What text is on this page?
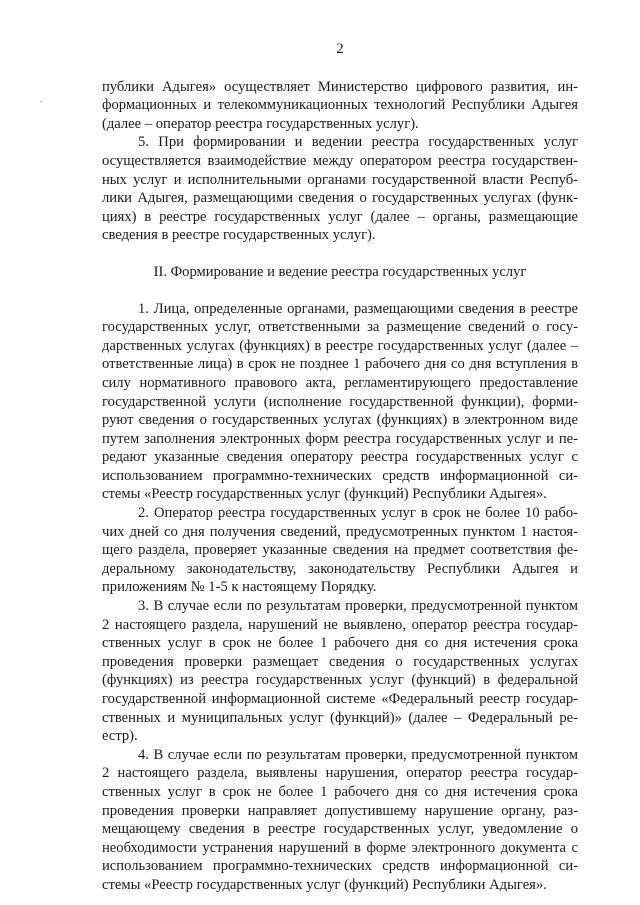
2
публики Адыгея» осуществляет Министерство цифрового развития, ин-
формационных и телекоммуникационных технологий Республики Адыгея
(далее – оператор реестра государственных услуг).
5. При формировании и ведении реестра государственных услуг
осуществляется взаимодействие между оператором реестра государствен-
ных услуг и исполнительными органами государственной власти Респуб-
лики Адыгея, размещающими сведения о государственных услугах (функ-
циях) в реестре государственных услуг (далее – органы, размещающие
сведения в реестре государственных услуг).
II. Формирование и ведение реестра государственных услуг
1. Лица, определенные органами, размещающими сведения в реестре
государственных услуг, ответственными за размещение сведений о госу-
дарственных услугах (функциях) в реестре государственных услуг (далее –
ответственные лица) в срок не позднее 1 рабочего дня со дня вступления в
силу нормативного правового акта, регламентирующего предоставление
государственной услуги (исполнение государственной функции), форми-
руют сведения о государственных услугах (функциях) в электронном виде
путем заполнения электронных форм реестра государственных услуг и пе-
редают указанные сведения оператору реестра государственных услуг с
использованием программно-технических средств информационной си-
стемы «Реестр государственных услуг (функций) Республики Адыгея».
2. Оператор реестра государственных услуг в срок не более 10 рабо-
чих дней со дня получения сведений, предусмотренных пунктом 1 настоя-
щего раздела, проверяет указанные сведения на предмет соответствия фе-
деральному законодательству, законодательству Республики Адыгея и
приложениям № 1-5 к настоящему Порядку.
3. В случае если по результатам проверки, предусмотренной пунктом
2 настоящего раздела, нарушений не выявлено, оператор реестра государ-
ственных услуг в срок не более 1 рабочего дня со дня истечения срока
проведения проверки размещает сведения о государственных услугах
(функциях) из реестра государственных услуг (функций) в федеральной
государственной информационной системе «Федеральный реестр государ-
ственных и муниципальных услуг (функций)» (далее – Федеральный ре-
естр).
4. В случае если по результатам проверки, предусмотренной пунктом
2 настоящего раздела, выявлены нарушения, оператор реестра государ-
ственных услуг в срок не более 1 рабочего дня со дня истечения срока
проведения проверки направляет допустившему нарушение органу, раз-
мещающему сведения в реестре государственных услуг, уведомление о
необходимости устранения нарушений в форме электронного документа с
использованием программно-технических средств информационной си-
стемы «Реестр государственных услуг (функций) Республики Адыгея».
